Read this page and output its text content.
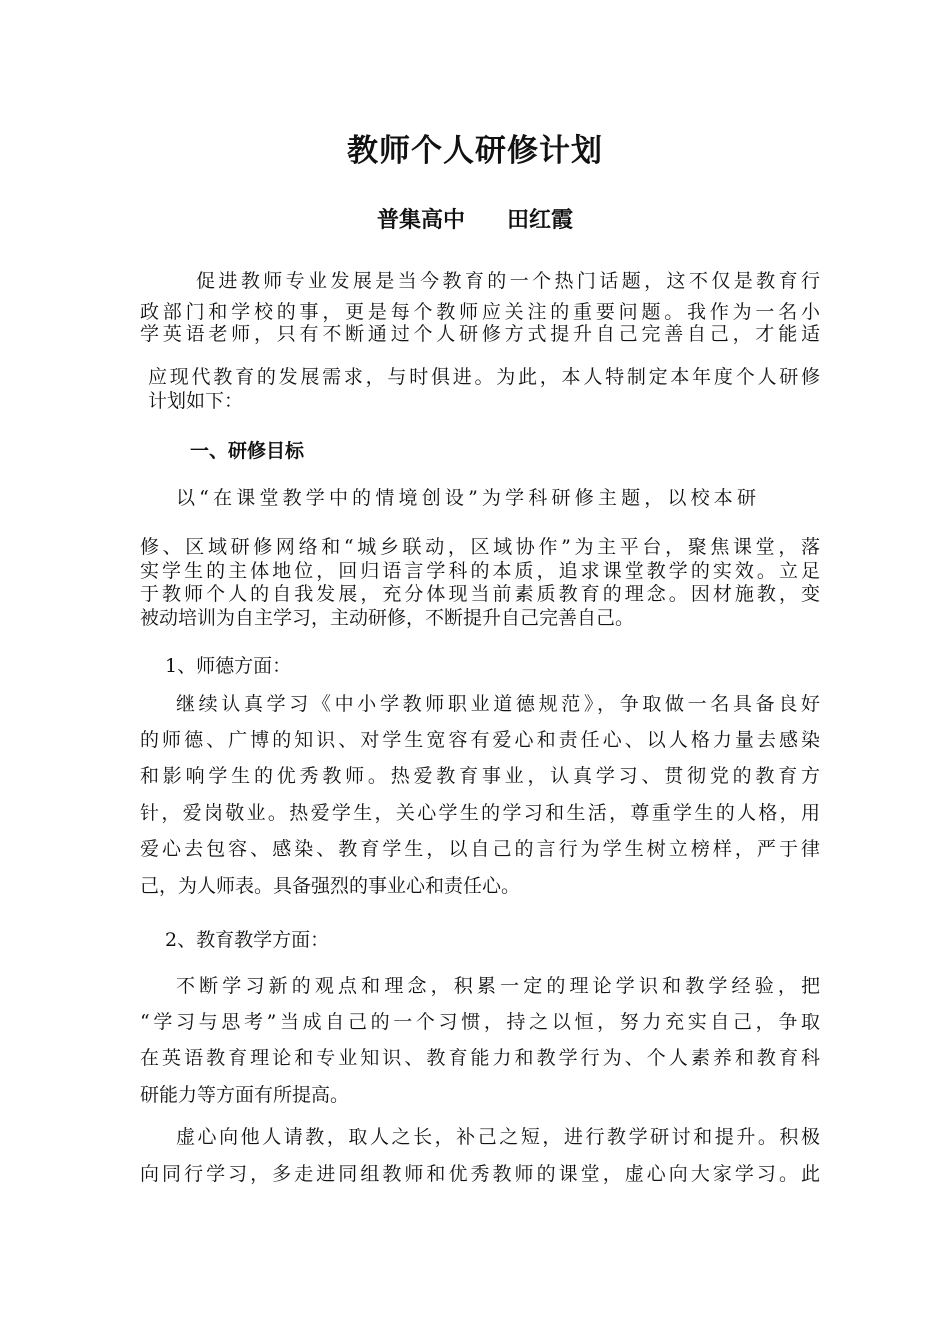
教师个人研修计划
普集高中 田红霞
促进教师专业发展是当今教育的一个热门话题，这不仅是教育行
政部门和学校的事，更是每个教师应关注的重要问题。我作为一名小
学英语老师，只有不断通过个人研修方式提升自己完善自己，才能适
应现代教育的发展需求，与时俱进。为此，本人特制定本年度个人研修
计划如下：
一、研修目标
以“在课堂教学中的情境创设”为学科研修主题，以校本研
修、区域研修网络和“城乡联动，区域协作”为主平台，聚焦课堂，落
实学生的主体地位，回归语言学科的本质，追求课堂教学的实效。立足
于教师个人的自我发展，充分体现当前素质教育的理念。因材施教，变
被动培训为自主学习，主动研修，不断提升自己完善自己。
1、师德方面：
继续认真学习《中小学教师职业道德规范》，争取做一名具备良好
的师德、广博的知识、对学生宽容有爱心和责任心、以人格力量去感染
和影响学生的优秀教师。热爱教育事业，认真学习、贯彻党的教育方
针，爱岗敬业。热爱学生，关心学生的学习和生活，尊重学生的人格，用
爱心去包容、感染、教育学生，以自己的言行为学生树立榜样，严于律
己，为人师表。具备强烈的事业心和责任心。
2、教育教学方面：
不断学习新的观点和理念，积累一定的理论学识和教学经验，把
“学习与思考”当成自己的一个习惯，持之以恒，努力充实自己，争取
在英语教育理论和专业知识、教育能力和教学行为、个人素养和教育科
研能力等方面有所提高。
虚心向他人请教，取人之长，补己之短，进行教学研讨和提升。积极
向同行学习，多走进同组教师和优秀教师的课堂，虚心向大家学习。此
